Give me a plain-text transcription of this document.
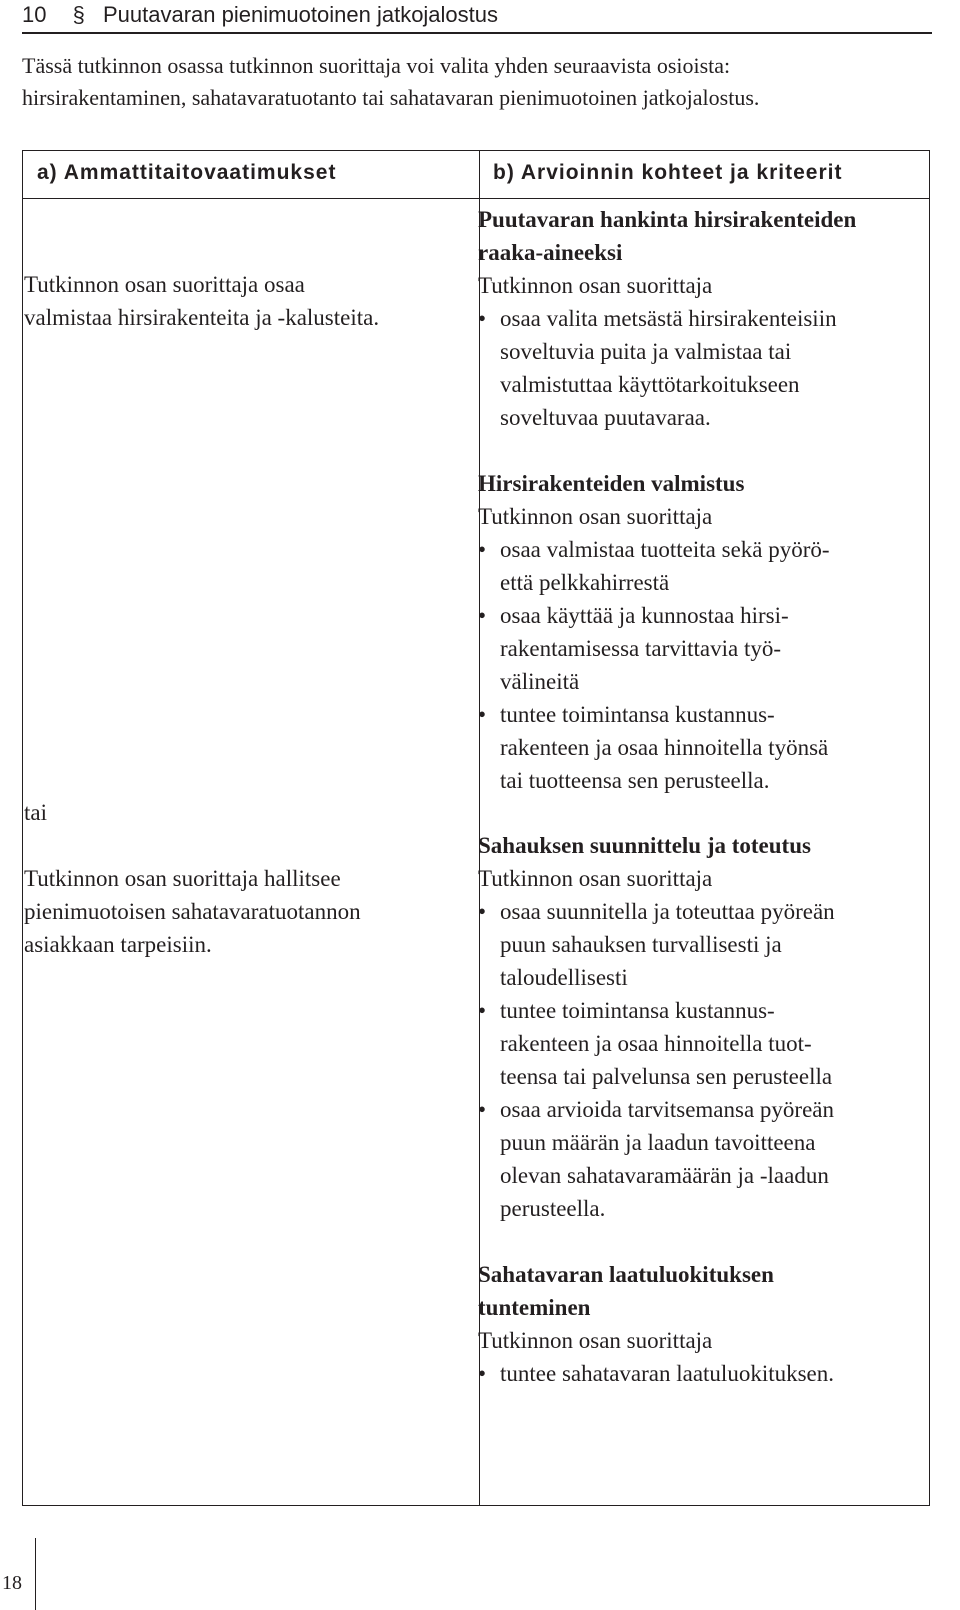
10 § Puutavaran pienimuotoinen jatkojalostus

Tässä tutkinnon osassa tutkinnon suorittaja voi valita yhden seuraavista osioista:

hirsirakentaminen, sahatavaratuotanto tai sahatavaran pienimuotoinen jatkojalostus.

a) Ammattitaitovaatimukset	b) Arvioinnin kohteet ja kriteerit

Tutkinnon osan suorittaja osaa

valmistaa hirsirakenteita ja -kalusteita.

tai

Tutkinnon osan suorittaja hallitsee

pienimuotoisen sahatavaratuotannon

asiakkaan tarpeisiin.

Puutavaran hankinta hirsirakenteiden

raaka-aineeksi

Tutkinnon osan suorittaja

• osaa valita metsästä hirsirakenteisiin
soveltuvia puita ja valmistaa tai
valmistuttaa käyttötarkoitukseen
soveltuvaa puutavaraa.

Hirsirakenteiden valmistus

Tutkinnon osan suorittaja

• osaa valmistaa tuotteita sekä pyörö-
että pelkkahirrestä
• osaa käyttää ja kunnostaa hirsi-
rakentamisessa tarvittavia työ-
välineitä
• tuntee toimintansa kustannus-
rakenteen ja osaa hinnoitella työnsä
tai tuotteensa sen perusteella.

Sahauksen suunnittelu ja toteutus

Tutkinnon osan suorittaja

• osaa suunnitella ja toteuttaa pyöreän
puun sahauksen turvallisesti ja
taloudellisesti
• tuntee toimintansa kustannus-
rakenteen ja osaa hinnoitella tuot-
teensa tai palvelunsa sen perusteella
• osaa arvioida tarvitsemansa pyöreän
puun määrän ja laadun tavoitteena
olevan sahatavaramäärän ja -laadun
perusteella.

Sahatavaran laatuluokituksen

tunteminen

Tutkinnon osan suorittaja

• tuntee sahatavaran laatuluokituksen.
18
